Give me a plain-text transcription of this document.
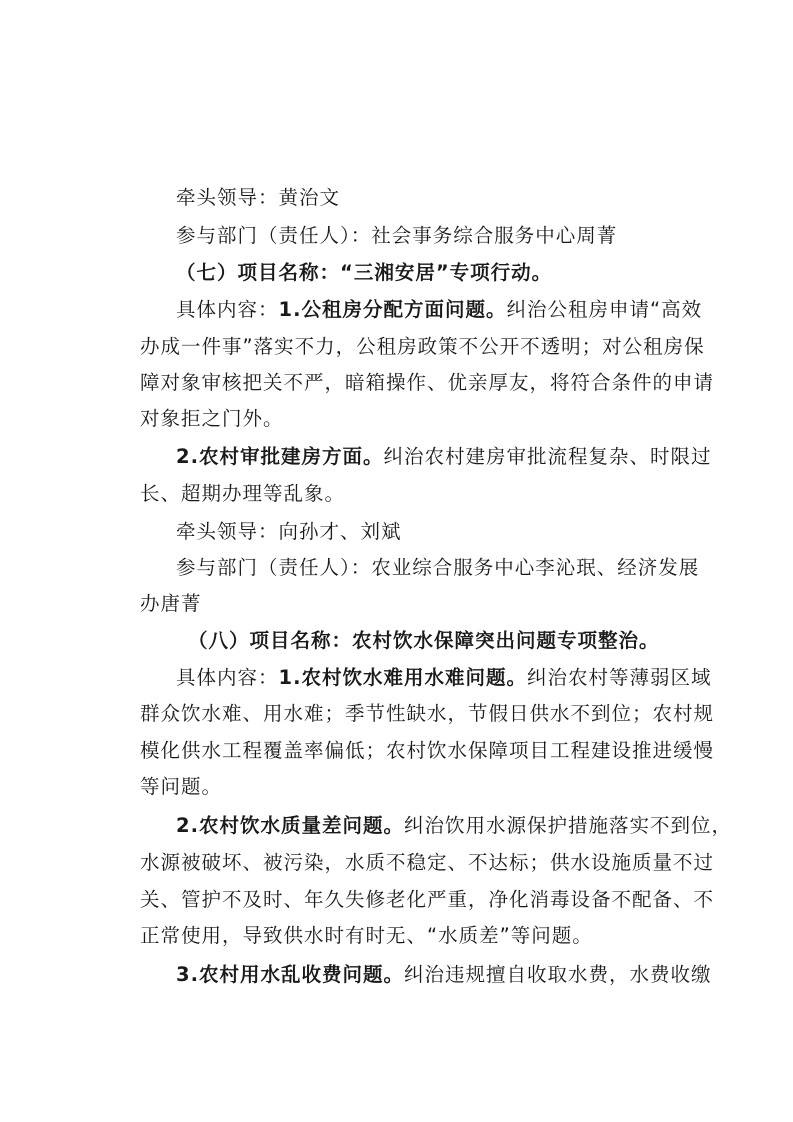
牵头领导：黄治文
参与部门（责任人）：社会事务综合服务中心周菁
（七）项目名称：“三湘安居”专项行动。
具体内容：1.公租房分配方面问题。纠治公租房申请“高效
办成一件事”落实不力，公租房政策不公开不透明；对公租房保
障对象审核把关不严，暗箱操作、优亲厚友，将符合条件的申请
对象拒之门外。
2.农村审批建房方面。纠治农村建房审批流程复杂、时限过
长、超期办理等乱象。
牵头领导：向孙才、刘斌
参与部门（责任人）：农业综合服务中心李沁珉、经济发展
办唐菁
（八）项目名称：农村饮水保障突出问题专项整治。
具体内容：1.农村饮水难用水难问题。纠治农村等薄弱区域
群众饮水难、用水难；季节性缺水，节假日供水不到位；农村规
模化供水工程覆盖率偏低；农村饮水保障项目工程建设推进缓慢
等问题。
2.农村饮水质量差问题。纠治饮用水源保护措施落实不到位，
水源被破坏、被污染，水质不稳定、不达标；供水设施质量不过
关、管护不及时、年久失修老化严重，净化消毒设备不配备、不
正常使用，导致供水时有时无、“水质差”等问题。
3.农村用水乱收费问题。纠治违规擅自收取水费，水费收缴
